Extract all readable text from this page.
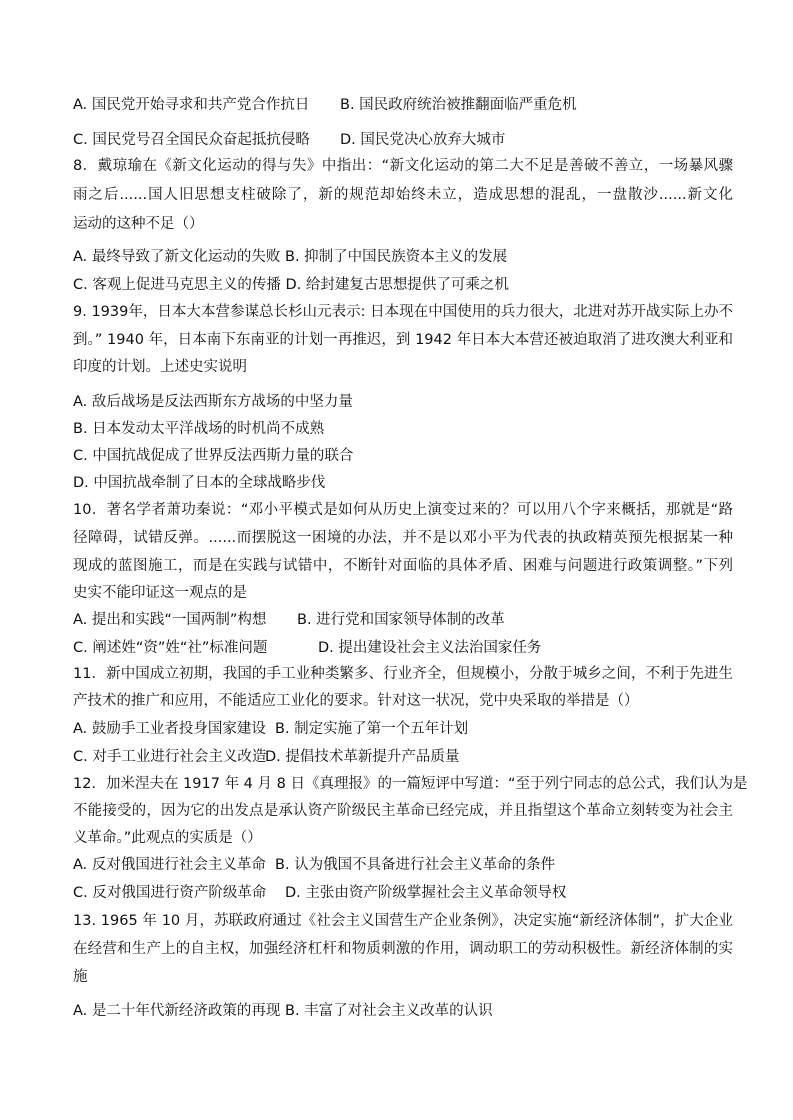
A. 国民党开始寻求和共产党合作抗日 B. 国民政府统治被推翻面临严重危机
C. 国民党号召全国民众奋起抵抗侵略 D. 国民党决心放弃大城市
8．戴琼瑜在《新文化运动的得与失》中指出：“新文化运动的第二大不足是善破不善立，一场暴风骤
雨之后......国人旧思想支柱破除了，新的规范却始终未立，造成思想的混乱，一盘散沙......新文化
运动的这种不足（）
A. 最终导致了新文化运动的失败 B. 抑制了中国民族资本主义的发展
C. 客观上促进马克思主义的传播 D. 给封建复古思想提供了可乘之机
9. 1939年，日本大本营参谋总长杉山元表示: 日本现在中国使用的兵力很大，北进对苏开战实际上办不
到。” 1940 年，日本南下东南亚的计划一再推迟，到 1942 年日本大本营还被迫取消了进攻澳大利亚和
印度的计划。上述史实说明
A. 敌后战场是反法西斯东方战场的中坚力量
B. 日本发动太平洋战场的时机尚不成熟
C. 中国抗战促成了世界反法西斯力量的联合
D. 中国抗战牵制了日本的全球战略步伐
10．著名学者萧功秦说：“邓小平模式是如何从历史上演变过来的？可以用八个字来概括，那就是“路
径障碍，试错反弹。......而摆脱这一困境的办法，并不是以邓小平为代表的执政精英预先根据某一种
现成的蓝图施工，而是在实践与试错中，不断针对面临的具体矛盾、困难与问题进行政策调整。”下列
史实不能印证这一观点的是
A. 提出和实践“一国两制”构想 B. 进行党和国家领导体制的改革
C. 阐述姓“资”姓“社”标准问题	D. 提出建设社会主义法治国家任务
11．新中国成立初期，我国的手工业种类繁多、行业齐全，但规模小，分散于城乡之间，不利于先进生
产技术的推广和应用，不能适应工业化的要求。针对这一状况，党中央采取的举措是（）
A. 鼓励手工业者投身国家建设 B. 制定实施了第一个五年计划
C. 对手工业进行社会主义改造
D. 提倡技术革新提升产品质量
12．加米涅夫在 1917 年 4 月 8 日《真理报》的一篇短评中写道：“至于列宁同志的总公式，我们认为是
不能接受的，因为它的出发点是承认资产阶级民主革命已经完成，并且指望这个革命立刻转变为社会主
义革命。”此观点的实质是（）
A. 反对俄国进行社会主义革命 B. 认为俄国不具备进行社会主义革命的条件
C. 反对俄国进行资产阶级革命 D. 主张由资产阶级掌握社会主义革命领导权
13. 1965 年 10 月，苏联政府通过《社会主义国营生产企业条例》，决定实施“新经济体制”，扩大企业
在经营和生产上的自主权，加强经济杠杆和物质刺激的作用，调动职工的劳动积极性。新经济体制的实
施
A. 是二十年代新经济政策的再现 B. 丰富了对社会主义改革的认识
